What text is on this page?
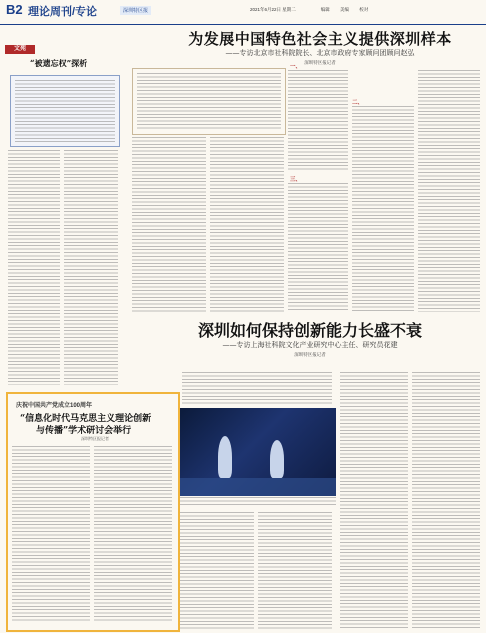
B2 理论周刊/专论	深圳特区报	2021年6月22日 星期二 　　　 　　编辑 　　美编 　　校对
文苑
“被遗忘权”探析
为发展中国特色社会主义提供深圳样本
——专访北京市社科院院长、北京市政府专家顾问团顾问赵弘
深圳特区报记者
一、
二、
三、
深圳如何保持创新能力长盛不衰
——专访上海社科院文化产业研究中心主任、研究员花建
深圳特区报记者
庆祝中国共产党成立100周年
“信息化时代马克思主义理论创新
与传播”学术研讨会举行
深圳特区报记者
